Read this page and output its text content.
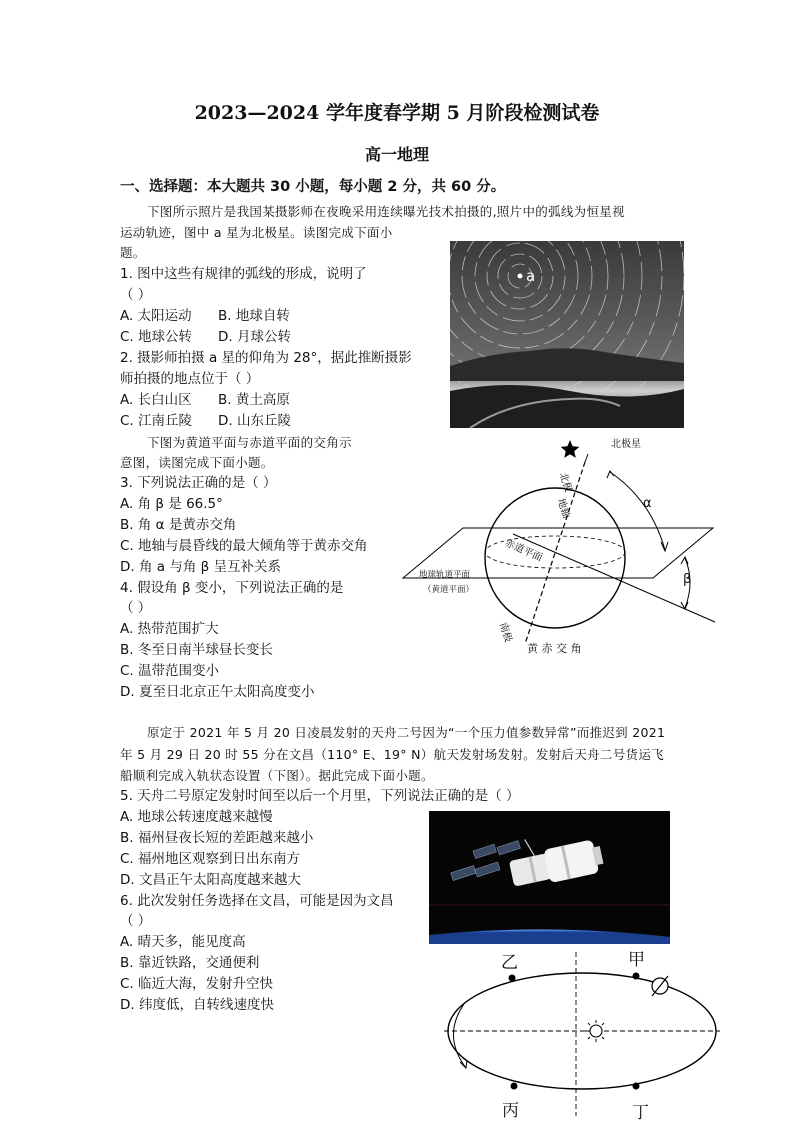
2023—2024 学年度春学期 5 月阶段检测试卷
高一地理
一、选择题：本大题共 30 小题，每小题 2 分，共 60 分。
下图所示照片是我国某摄影师在夜晚采用连续曝光技术拍摄的,照片中的弧线为恒星视
运动轨迹，图中 a 星为北极星。读图完成下面小
题。
a
1. 图中这些有规律的弧线的形成，说明了
（ ）
A. 太阳运动 B. 地球自转
C. 地球公转 D. 月球公转
2. 摄影师拍摄 a 星的仰角为 28°，据此推断摄影
师拍摄的地点位于（ ）
A. 长白山区 B. 黄土高原
C. 江南丘陵 D. 山东丘陵
下图为黄道平面与赤道平面的交角示
意图，读图完成下面小题。
北极星
北极
地轴
赤道平面
地球轨道平面
（黄道平面）
南极
α
β
黄 赤 交 角
3. 下列说法正确的是（ ）
A. 角 β 是 66.5°
B. 角 α 是黄赤交角
C. 地轴与晨昏线的最大倾角等于黄赤交角
D. 角 a 与角 β 呈互补关系
4. 假设角 β 变小，下列说法正确的是
（ ）
A. 热带范围扩大
B. 冬至日南半球昼长变长
C. 温带范围变小
D. 夏至日北京正午太阳高度变小
原定于 2021 年 5 月 20 日凌晨发射的天舟二号因为“一个压力值参数异常”而推迟到 2021
年 5 月 29 日 20 时 55 分在文昌（110° E、19° N）航天发射场发射。发射后天舟二号货运飞
船顺利完成入轨状态设置（下图）。据此完成下面小题。
5. 天舟二号原定发射时间至以后一个月里，下列说法正确的是（ ）
A. 地球公转速度越来越慢
B. 福州昼夜长短的差距越来越小
C. 福州地区观察到日出东南方
D. 文昌正午太阳高度越来越大
6. 此次发射任务选择在文昌，可能是因为文昌
（ ）
A. 晴天多，能见度高
B. 靠近铁路，交通便利
C. 临近大海，发射升空快
D. 纬度低，自转线速度快
乙	甲
丙	丁
